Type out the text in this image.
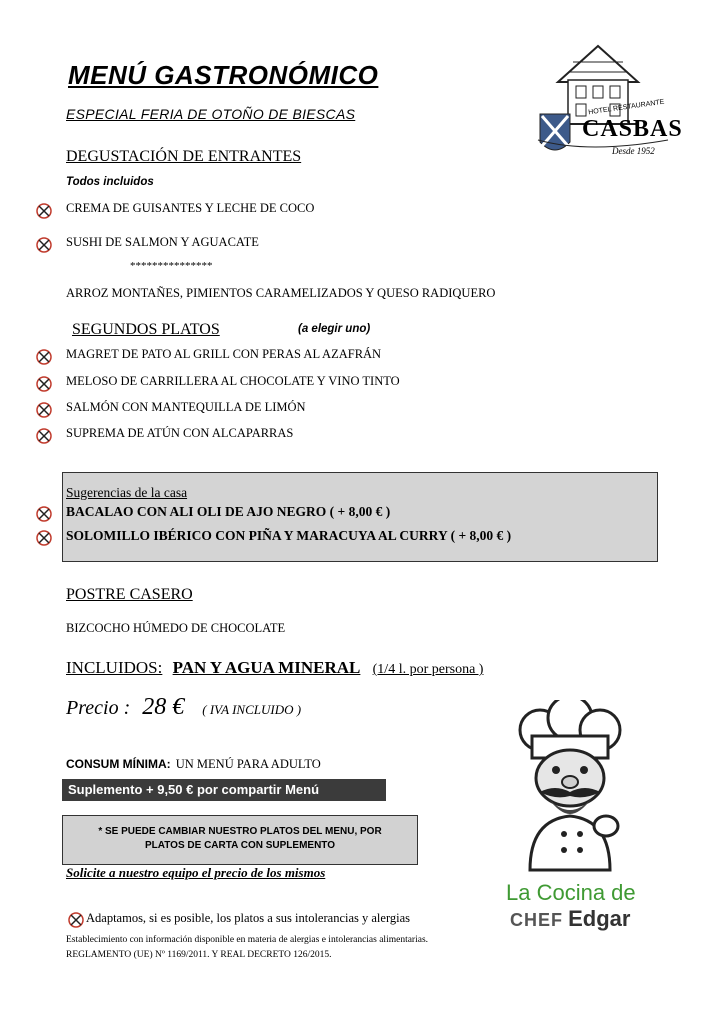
MENÚ GASTRONÓMICO
ESPECIAL FERIA DE OTOÑO DE BIESCAS	HOTEL RESTAURANTE
CASBAS
Desde 1952
DEGUSTACIÓN DE ENTRANTES
Todos incluidos
CREMA DE GUISANTES Y LECHE DE COCO
SUSHI DE SALMON Y AGUACATE
***************
ARROZ MONTAÑES, PIMIENTOS CARAMELIZADOS Y QUESO RADIQUERO
SEGUNDOS PLATOS	(a elegir uno)
MAGRET DE PATO AL GRILL CON PERAS AL AZAFRÁN
MELOSO DE CARRILLERA AL CHOCOLATE Y VINO TINTO
SALMÓN CON MANTEQUILLA DE LIMÓN
SUPREMA DE ATÚN CON ALCAPARRAS
Sugerencias de la casa
BACALAO CON ALI OLI DE AJO NEGRO ( + 8,00 € )
SOLOMILLO IBÉRICO CON PIÑA Y MARACUYA AL CURRY ( + 8,00 € )
POSTRE CASERO
BIZCOCHO HÚMEDO DE CHOCOLATE
INCLUIDOS: PAN Y AGUA MINERAL (1/4 l. por persona )
Precio : 28 € ( IVA INCLUIDO )
CONSUM MÍNIMA: UN MENÚ PARA ADULTO
Suplemento + 9,50 € por compartir Menú
* SE PUEDE CAMBIAR NUESTRO PLATOS DEL MENU, POR
PLATOS DE CARTA CON SUPLEMENTO
Solicite a nuestro equipo el precio de los mismos
Adaptamos, si es posible, los platos a sus intolerancias y alergias
Establecimiento con información disponible en materia de alergias e intolerancias alimentarias.
REGLAMENTO (UE) Nº 1169/2011. Y REAL DECRETO 126/2015.
La Cocina de
CHEF Edgar
